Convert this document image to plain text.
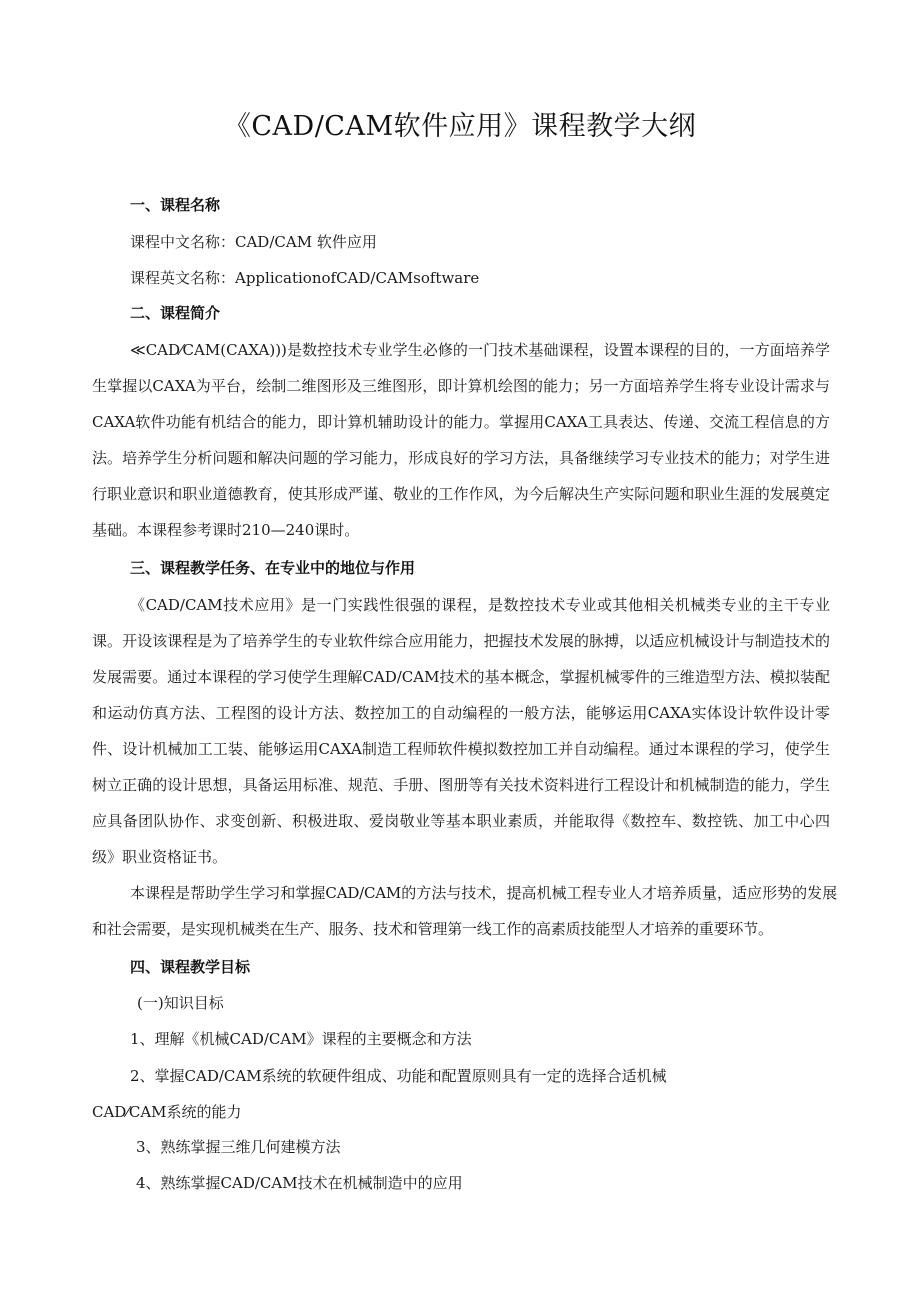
《CAD/CAM软件应用》课程教学大纲
一、课程名称
课程中文名称：CAD/CAM 软件应用
课程英文名称：ApplicationofCAD/CAMsoftware
二、课程简介
≪CAD⁄CAM(CAXA)))是数控技术专业学生必修的一门技术基础课程，设置本课程的目的，一方面培养学生掌握以CAXA为平台，绘制二维图形及三维图形，即计算机绘图的能力；另一方面培养学生将专业设计需求与CAXA软件功能有机结合的能力，即计算机辅助设计的能力。掌握用CAXA工具表达、传递、交流工程信息的方法。培养学生分析问题和解决问题的学习能力，形成良好的学习方法，具备继续学习专业技术的能力；对学生进行职业意识和职业道德教育，使其形成严谨、敬业的工作作风，为今后解决生产实际问题和职业生涯的发展奠定基础。本课程参考课时210—240课时。
三、课程教学任务、在专业中的地位与作用
《CAD/CAM技术应用》是一门实践性很强的课程，是数控技术专业或其他相关机械类专业的主干专业课。开设该课程是为了培养学生的专业软件综合应用能力，把握技术发展的脉搏，以适应机械设计与制造技术的发展需要。通过本课程的学习使学生理解CAD/CAM技术的基本概念，掌握机械零件的三维造型方法、模拟装配和运动仿真方法、工程图的设计方法、数控加工的自动编程的一般方法，能够运用CAXA实体设计软件设计零件、设计机械加工工装、能够运用CAXA制造工程师软件模拟数控加工并自动编程。通过本课程的学习，使学生树立正确的设计思想，具备运用标准、规范、手册、图册等有关技术资料进行工程设计和机械制造的能力，学生应具备团队协作、求变创新、积极进取、爱岗敬业等基本职业素质，并能取得《数控车、数控铣、加工中心四级》职业资格证书。
本课程是帮助学生学习和掌握CAD/CAM的方法与技术，提高机械工程专业人才培养质量，适应形势的发展和社会需要，是实现机械类在生产、服务、技术和管理第一线工作的高素质技能型人才培养的重要环节。
四、课程教学目标
(一)知识目标
1、理解《机械CAD/CAM》课程的主要概念和方法
2、掌握CAD/CAM系统的软硬件组成、功能和配置原则具有一定的选择合适机械
CAD⁄CAM系统的能力
3、熟练掌握三维几何建模方法
4、熟练掌握CAD/CAM技术在机械制造中的应用
